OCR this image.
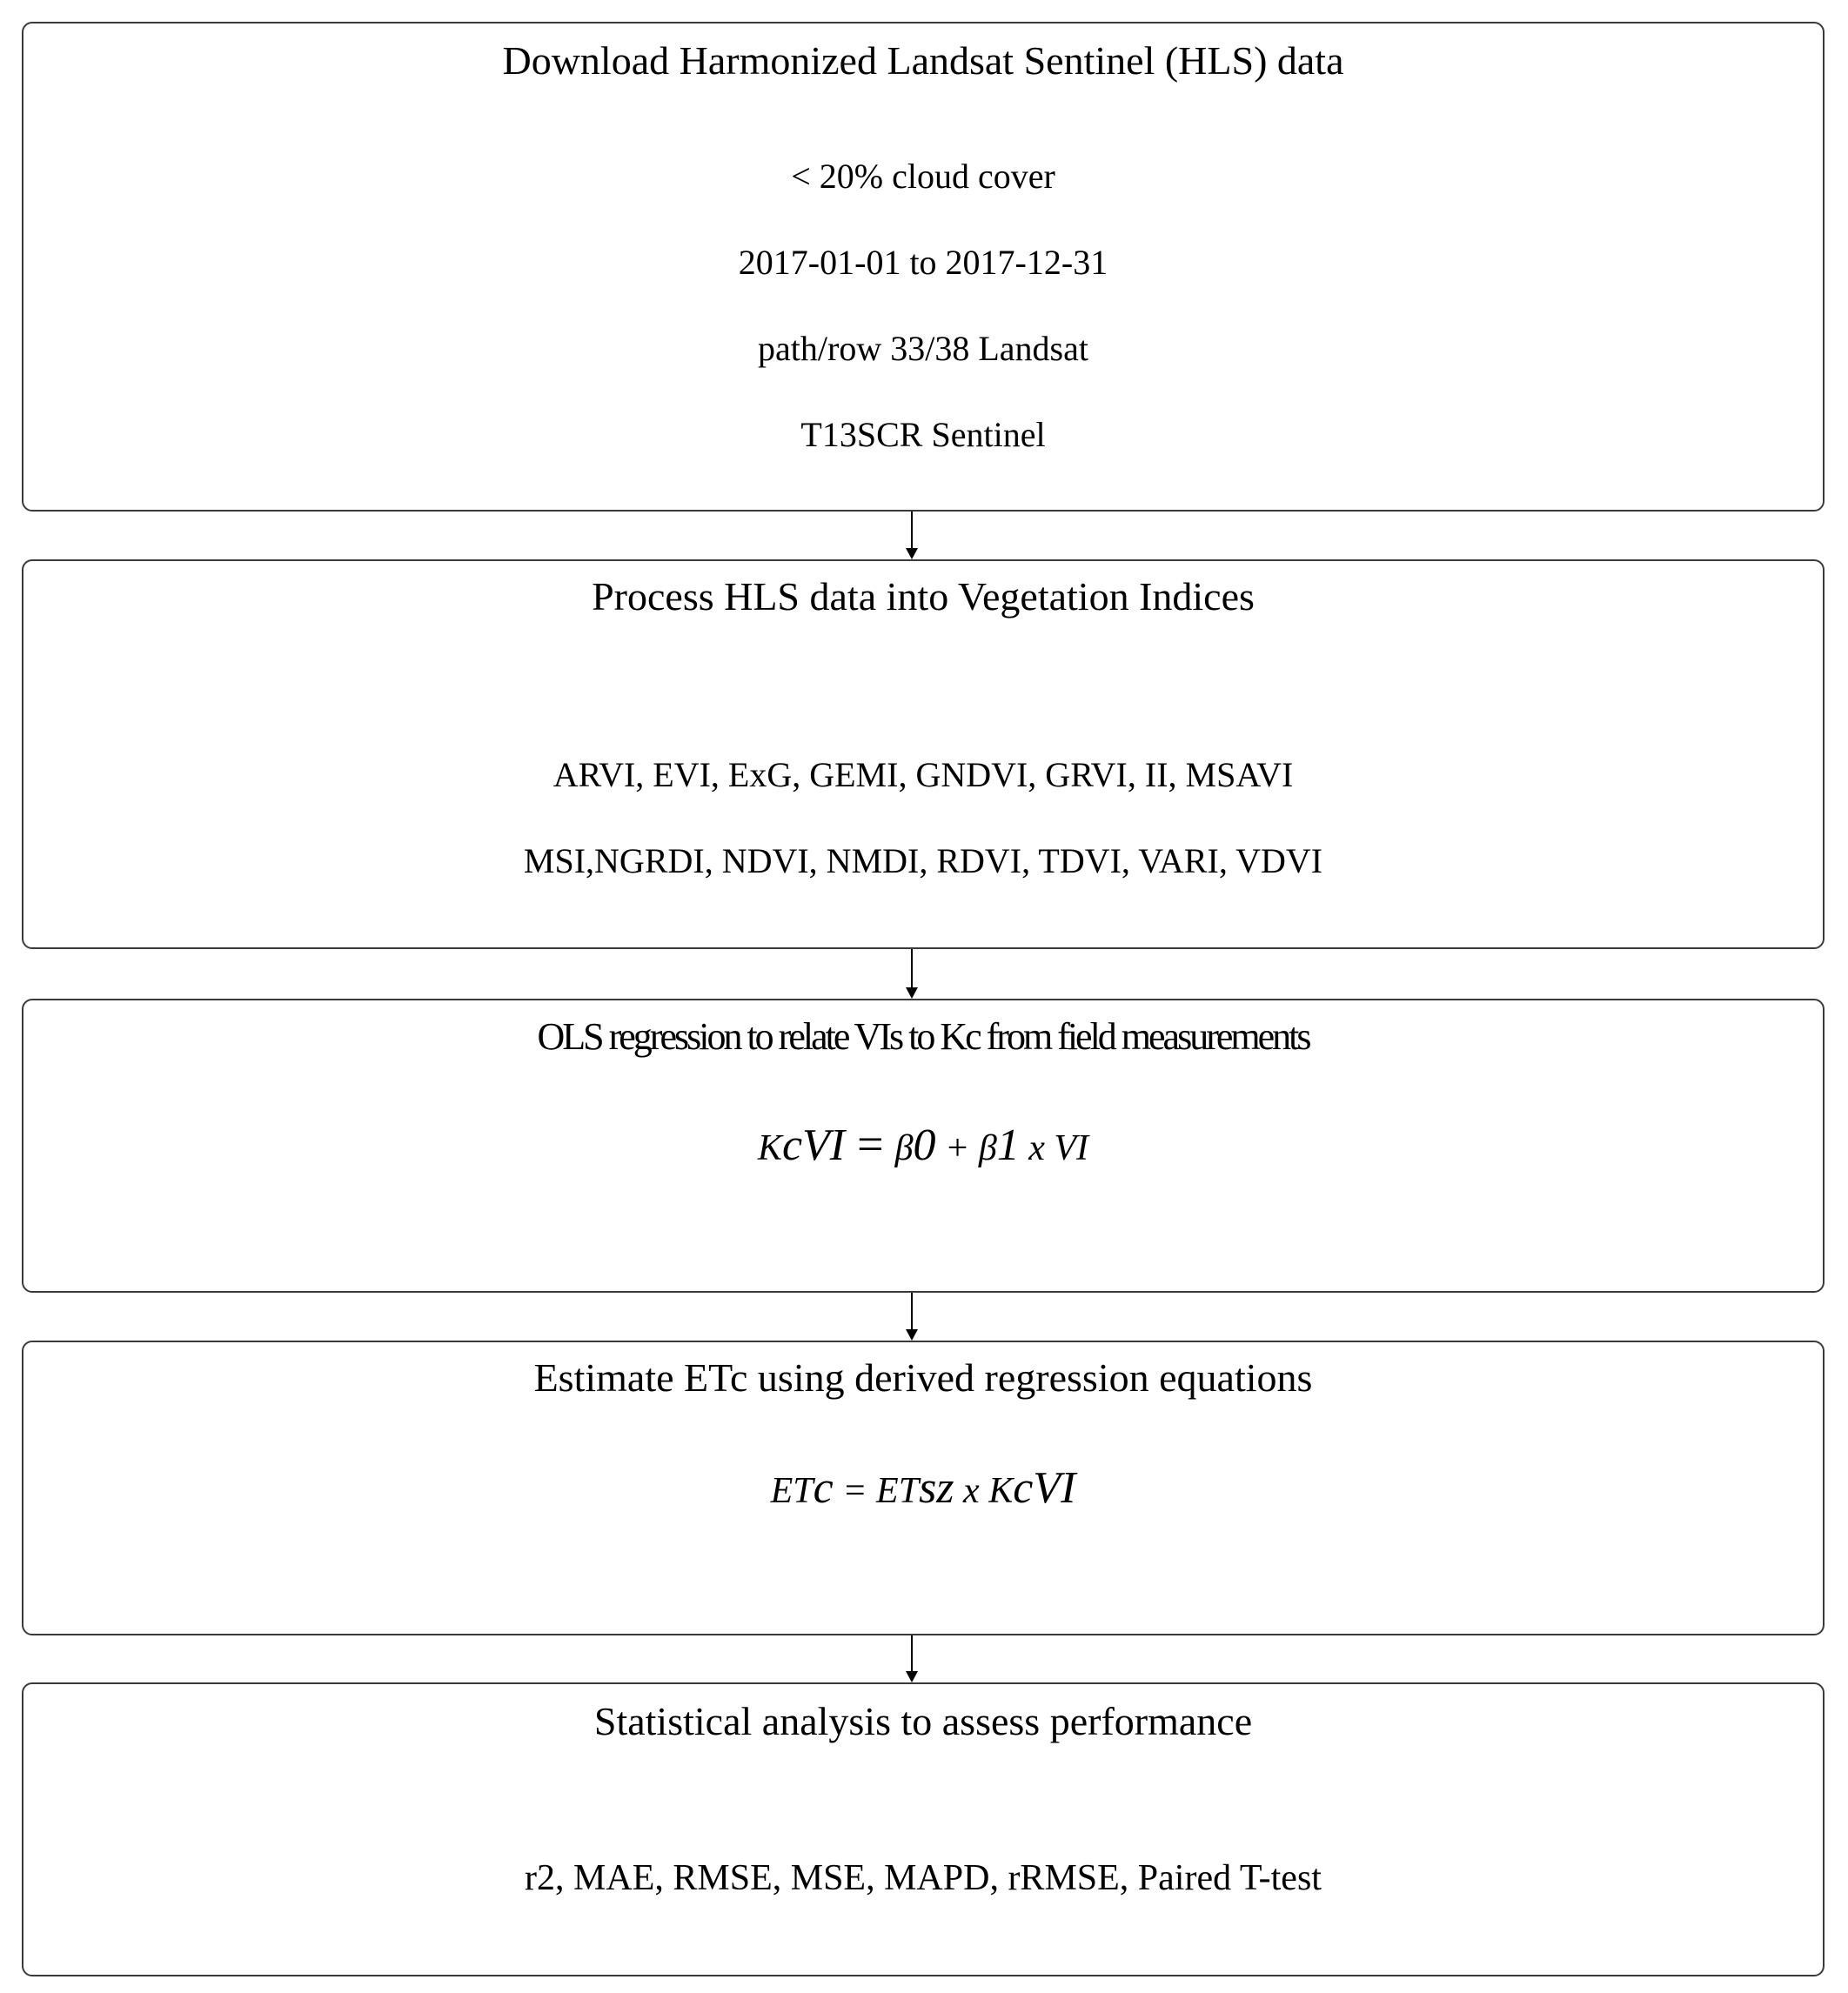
Download Harmonized Landsat Sentinel (HLS) data
< 20% cloud cover
2017-01-01 to 2017-12-31
path/row 33/38 Landsat
T13SCR Sentinel
Process HLS data into Vegetation Indices
ARVI, EVI, ExG, GEMI, GNDVI, GRVI, II, MSAVI
MSI,NGRDI, NDVI, NMDI, RDVI, TDVI, VARI, VDVI
OLS regression to relate VIs to Kc from field measurements
KcVI = β0 + β1 x VI
Estimate ETc using derived regression equations
ETc = ETsz x KcVI
Statistical analysis to assess performance
r2, MAE, RMSE, MSE, MAPD, rRMSE, Paired T-test
